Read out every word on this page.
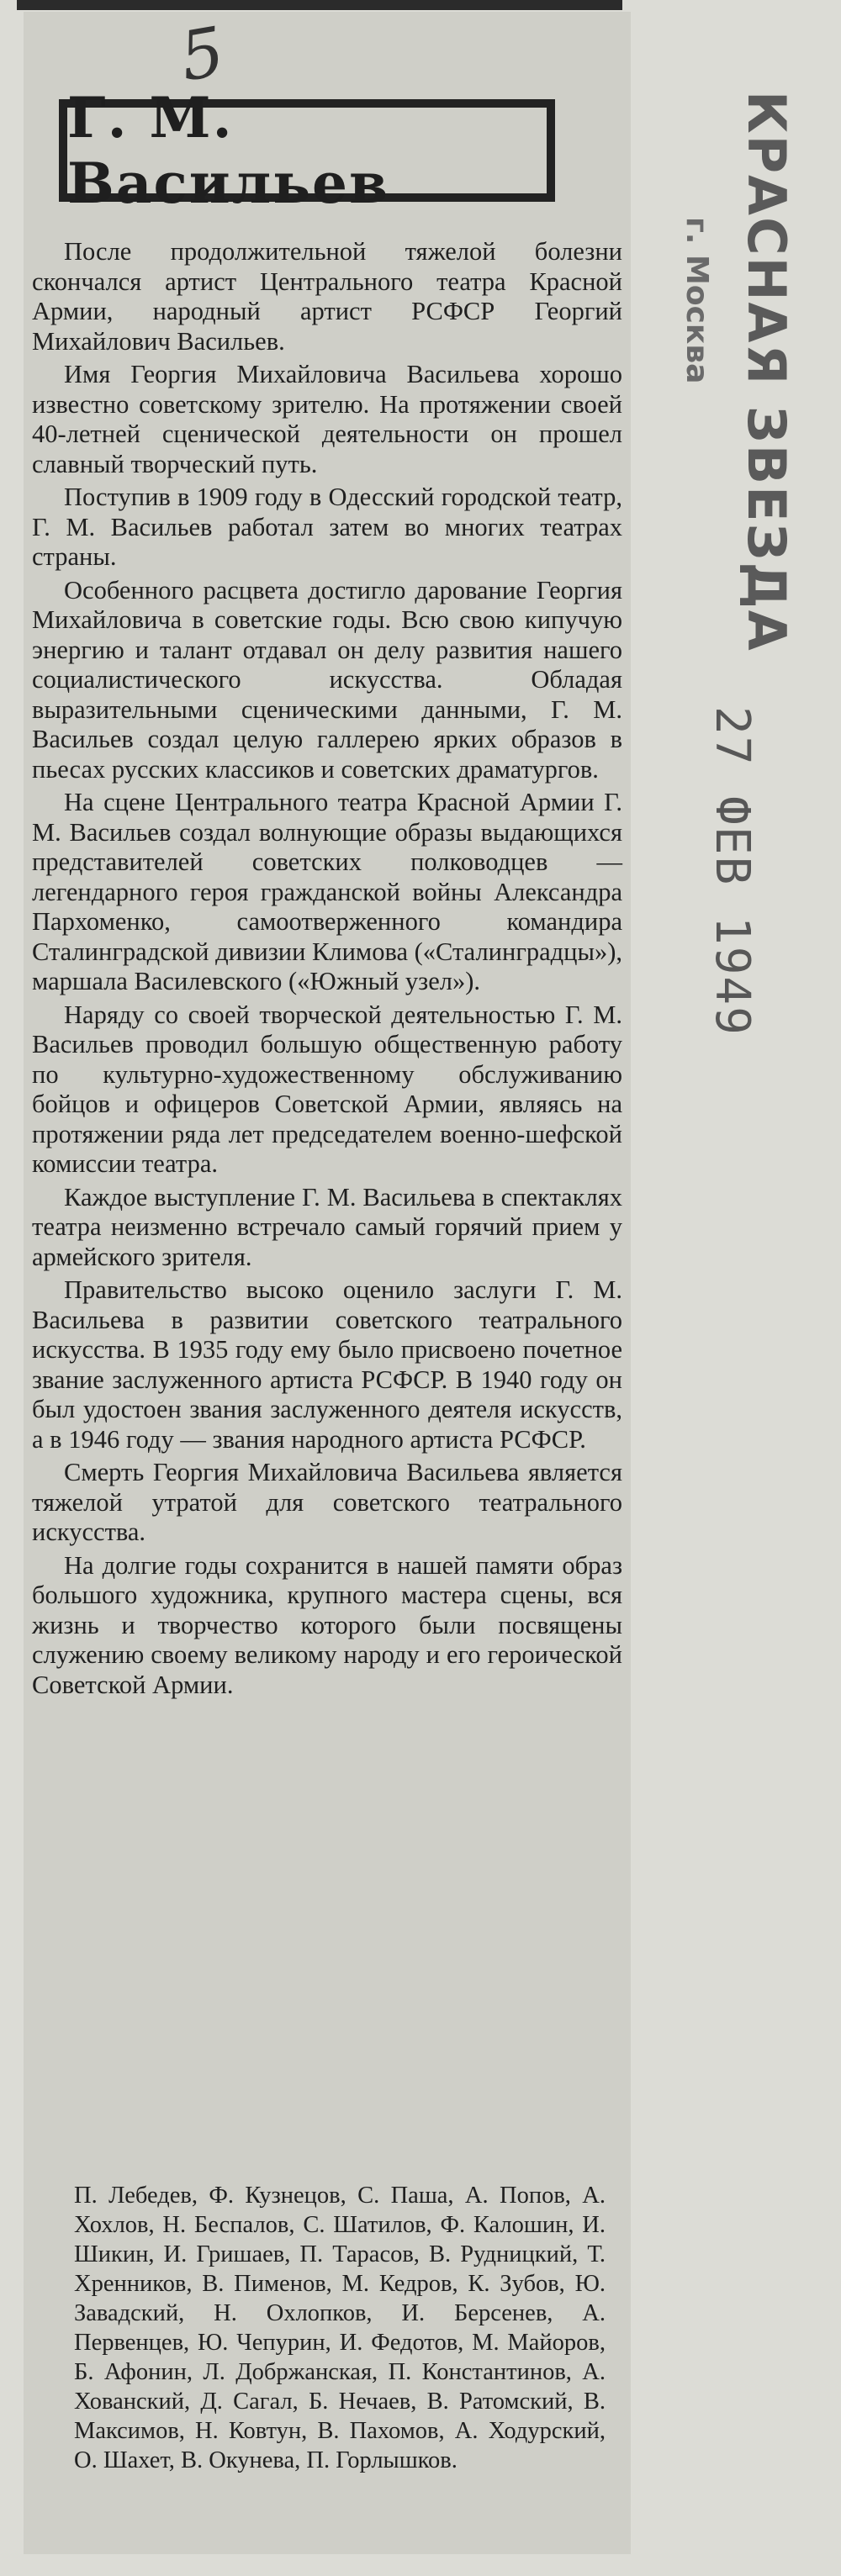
5
Г. М. Васильев

После продолжительной тяжелой болезни скончался артист Центрального театра Красной Армии, народный артист РСФСР Георгий Михайлович Васильев.

Имя Георгия Михайловича Васильева хорошо известно советскому зрителю. На протяжении своей 40-летней сценической деятельности он прошел славный творческий путь.

Поступив в 1909 году в Одесский городской театр, Г. М. Васильев работал затем во многих театрах страны.

Особенного расцвета достигло дарование Георгия Михайловича в советские годы. Всю свою кипучую энергию и талант отдавал он делу развития нашего социалистического искусства. Обладая выразительными сценическими данными, Г. М. Васильев создал целую галлерею ярких образов в пьесах русских классиков и советских драматургов.

На сцене Центрального театра Красной Армии Г. М. Васильев создал волнующие образы выдающихся представителей советских полководцев — легендарного героя гражданской войны Александра Пархоменко, самоотверженного командира Сталинградской дивизии Климова («Сталинградцы»), маршала Василевского («Южный узел»).

Наряду со своей творческой деятельностью Г. М. Васильев проводил большую общественную работу по культурно-художественному обслуживанию бойцов и офицеров Советской Армии, являясь на протяжении ряда лет председателем военно-шефской комиссии театра.

Каждое выступление Г. М. Васильева в спектаклях театра неизменно встречало самый горячий прием у армейского зрителя.

Правительство высоко оценило заслуги Г. М. Васильева в развитии советского театрального искусства. В 1935 году ему было присвоено почетное звание заслуженного артиста РСФСР. В 1940 году он был удостоен звания заслуженного деятеля искусств, а в 1946 году — звания народного артиста РСФСР.

Смерть Георгия Михайловича Васильева является тяжелой утратой для советского театрального искусства.

На долгие годы сохранится в нашей памяти образ большого художника, крупного мастера сцены, вся жизнь и творчество которого были посвящены служению своему великому народу и его героической Советской Армии.

П. Лебедев, Ф. Кузнецов, С. Паша, А. Попов, А. Хохлов, Н. Беспалов, С. Шатилов, Ф. Калошин, И. Шикин, И. Гришаев, П. Тарасов, В. Рудницкий, Т. Хренников, В. Пименов, М. Кедров, К. Зубов, Ю. Завадский, Н. Охлопков, И. Берсенев, А. Первенцев, Ю. Чепурин, И. Федотов, М. Майоров, Б. Афонин, Л. Добржанская, П. Константинов, А. Хованский, Д. Сагал, Б. Нечаев, В. Ратомский, В. Максимов, Н. Ковтун, В. Пахомов, А. Ходурский, О. Шахет, В. Окунева, П. Горлышков.
КРАСНАЯ ЗВЕЗДА
г. Москва
27 ФЕВ 1949
